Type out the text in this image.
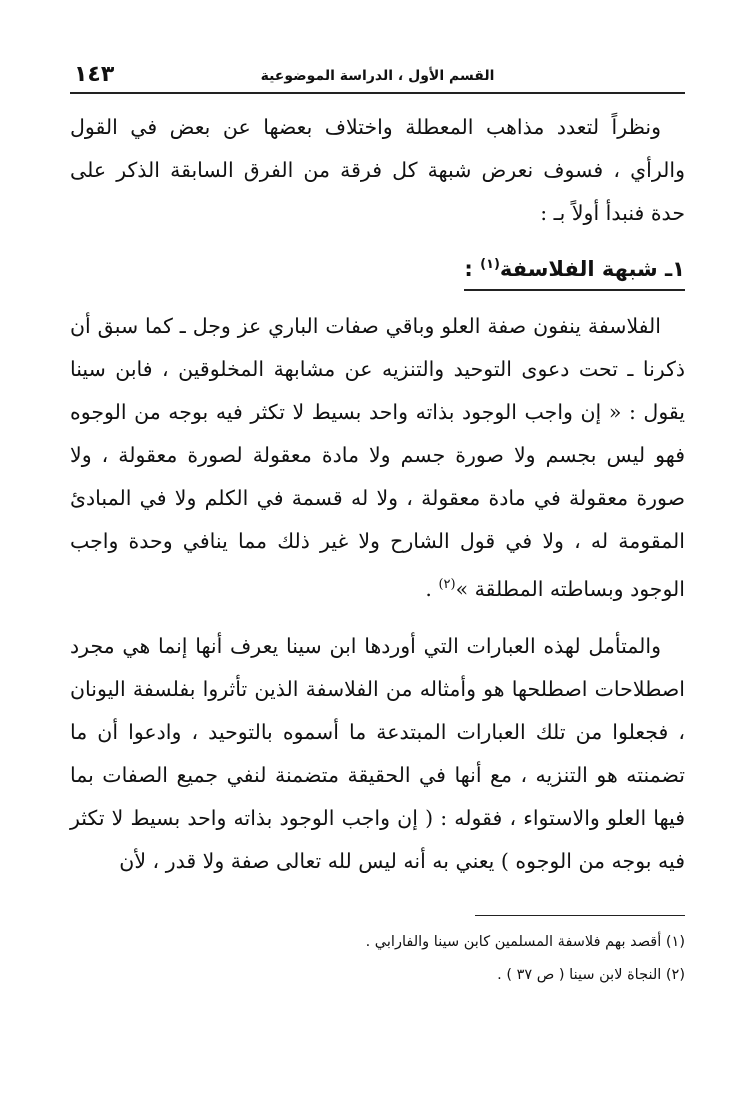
١٤٣	القسم الأول ، الدراسة الموضوعية

ونظراً لتعدد مذاهب المعطلة واختلاف بعضها عن بعض في القول والرأي ، فسوف نعرض شبهة كل فرقة من الفرق السابقة الذكر على حدة فنبدأ أولاً بـ :

١ـ شبهة الفلاسفة$^{(١)}$ :

الفلاسفة ينفون صفة العلو وباقي صفات الباري عز وجل ـ كما سبق أن ذكرنا ـ تحت دعوى التوحيد والتنزيه عن مشابهة المخلوقين ، فابن سينا يقول : « إن واجب الوجود بذاته واحد بسيط لا تكثر فيه بوجه من الوجوه فهو ليس بجسم ولا صورة جسم ولا مادة معقولة لصورة معقولة ، ولا صورة معقولة في مادة معقولة ، ولا له قسمة في الكلم ولا في المبادئ المقومة له ، ولا في قول الشارح ولا غير ذلك مما ينافي وحدة واجب الوجود وبساطته المطلقة »$^{(٢)}$ .

والمتأمل لهذه العبارات التي أوردها ابن سينا يعرف أنها إنما هي مجرد اصطلاحات اصطلحها هو وأمثاله من الفلاسفة الذين تأثروا بفلسفة اليونان ، فجعلوا من تلك العبارات المبتدعة ما أسموه بالتوحيد ، وادعوا أن ما تضمنته هو التنزيه ، مع أنها في الحقيقة متضمنة لنفي جميع الصفات بما فيها العلو والاستواء ، فقوله : ( إن واجب الوجود بذاته واحد بسيط لا تكثر فيه بوجه من الوجوه ) يعني به أنه ليس لله تعالى صفة ولا قدر ، لأن

(١) أقصد بهم فلاسفة المسلمين كابن سينا والفارابي .
(٢) النجاة لابن سينا ( ص ٣٧ ) .
